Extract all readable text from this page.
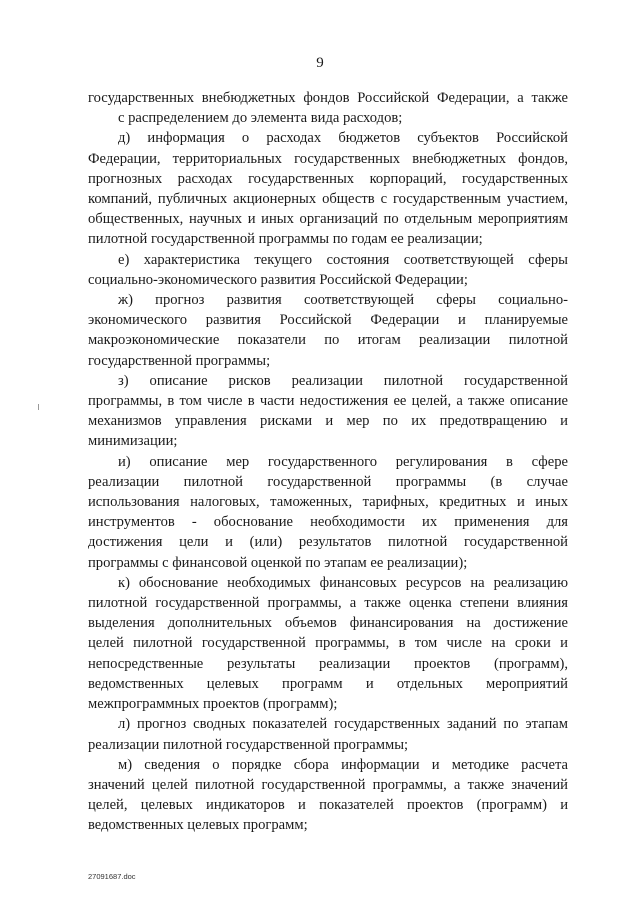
9
государственных внебюджетных фондов Российской Федерации, а также
с распределением до элемента вида расходов;
д) информация о расходах бюджетов субъектов Российской
Федерации, территориальных государственных внебюджетных фондов,
прогнозных расходах государственных корпораций, государственных
компаний, публичных акционерных обществ с государственным участием,
общественных, научных и иных организаций по отдельным мероприятиям
пилотной государственной программы по годам ее реализации;
е) характеристика текущего состояния соответствующей сферы
социально-экономического развития Российской Федерации;
ж) прогноз развития соответствующей сферы социально-
экономического развития Российской Федерации и планируемые
макроэкономические показатели по итогам реализации пилотной
государственной программы;
з) описание рисков реализации пилотной государственной
программы, в том числе в части недостижения ее целей, а также описание
механизмов управления рисками и мер по их предотвращению и
минимизации;
и) описание мер государственного регулирования в сфере
реализации пилотной государственной программы (в случае
использования налоговых, таможенных, тарифных, кредитных и иных
инструментов - обоснование необходимости их применения для
достижения цели и (или) результатов пилотной государственной
программы с финансовой оценкой по этапам ее реализации);
к) обоснование необходимых финансовых ресурсов на реализацию
пилотной государственной программы, а также оценка степени влияния
выделения дополнительных объемов финансирования на достижение
целей пилотной государственной программы, в том числе на сроки и
непосредственные результаты реализации проектов (программ),
ведомственных целевых программ и отдельных мероприятий
межпрограммных проектов (программ);
л) прогноз сводных показателей государственных заданий по этапам
реализации пилотной государственной программы;
м) сведения о порядке сбора информации и методике расчета
значений целей пилотной государственной программы, а также значений
целей, целевых индикаторов и показателей проектов (программ) и
ведомственных целевых программ;
27091687.doc
